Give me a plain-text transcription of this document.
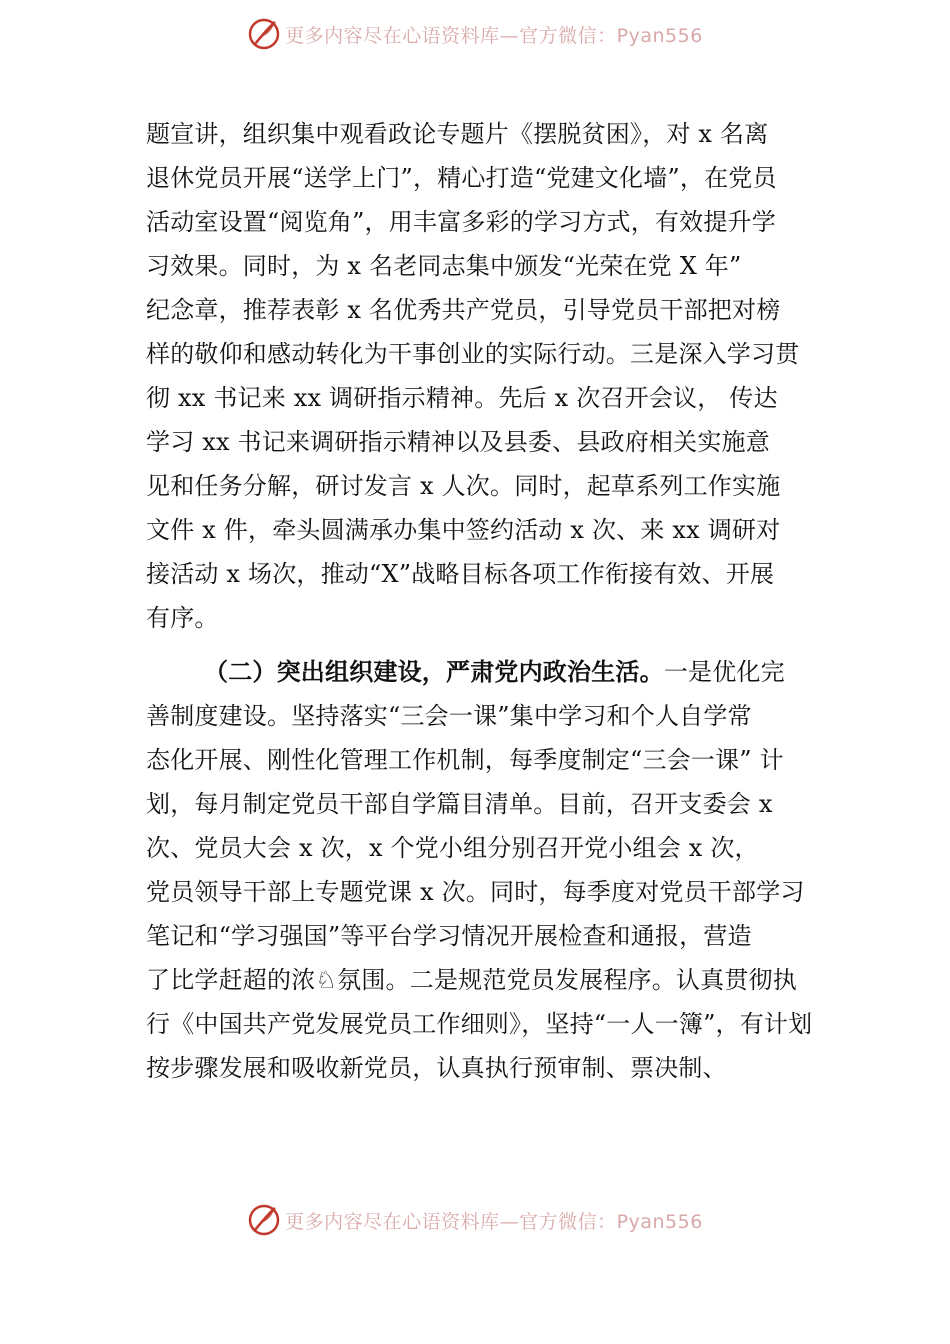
更多内容尽在心语资料库—官方微信：Pyan556
题宣讲，组织集中观看政论专题片《摆脱贫困》，对 x 名离
退休党员开展“送学上门”，精心打造“党建文化墙”，在党员
活动室设置“阅览角”，用丰富多彩的学习方式，有效提升学
习效果。同时，为 x 名老同志集中颁发“光荣在党 X 年”
纪念章，推荐表彰 x 名优秀共产党员，引导党员干部把对榜
样的敬仰和感动转化为干事创业的实际行动。三是深入学习贯
彻 xx 书记来 xx 调研指示精神。先后 x 次召开会议， 传达
学习 xx 书记来调研指示精神以及县委、县政府相关实施意
见和任务分解，研讨发言 x 人次。同时，起草系列工作实施
文件 x 件，牵头圆满承办集中签约活动 x 次、来 xx 调研对
接活动 x 场次，推动“X”战略目标各项工作衔接有效、开展
有序。
（二）突出组织建设，严肃党内政治生活。一是优化完
善制度建设。坚持落实“三会一课”集中学习和个人自学常
态化开展、刚性化管理工作机制，每季度制定“三会一课” 计
划，每月制定党员干部自学篇目清单。目前，召开支委会 x
次、党员大会 x 次，x 个党小组分别召开党小组会 x 次，
党员领导干部上专题党课 x 次。同时，每季度对党员干部学习
笔记和“学习强国”等平台学习情况开展检查和通报，营造
了比学赶超的浓♘氛围。二是规范党员发展程序。认真贯彻执
行《中国共产党发展党员工作细则》，坚持“一人一簿”，有计划
按步骤发展和吸收新党员，认真执行预审制、票决制、
更多内容尽在心语资料库—官方微信：Pyan556
